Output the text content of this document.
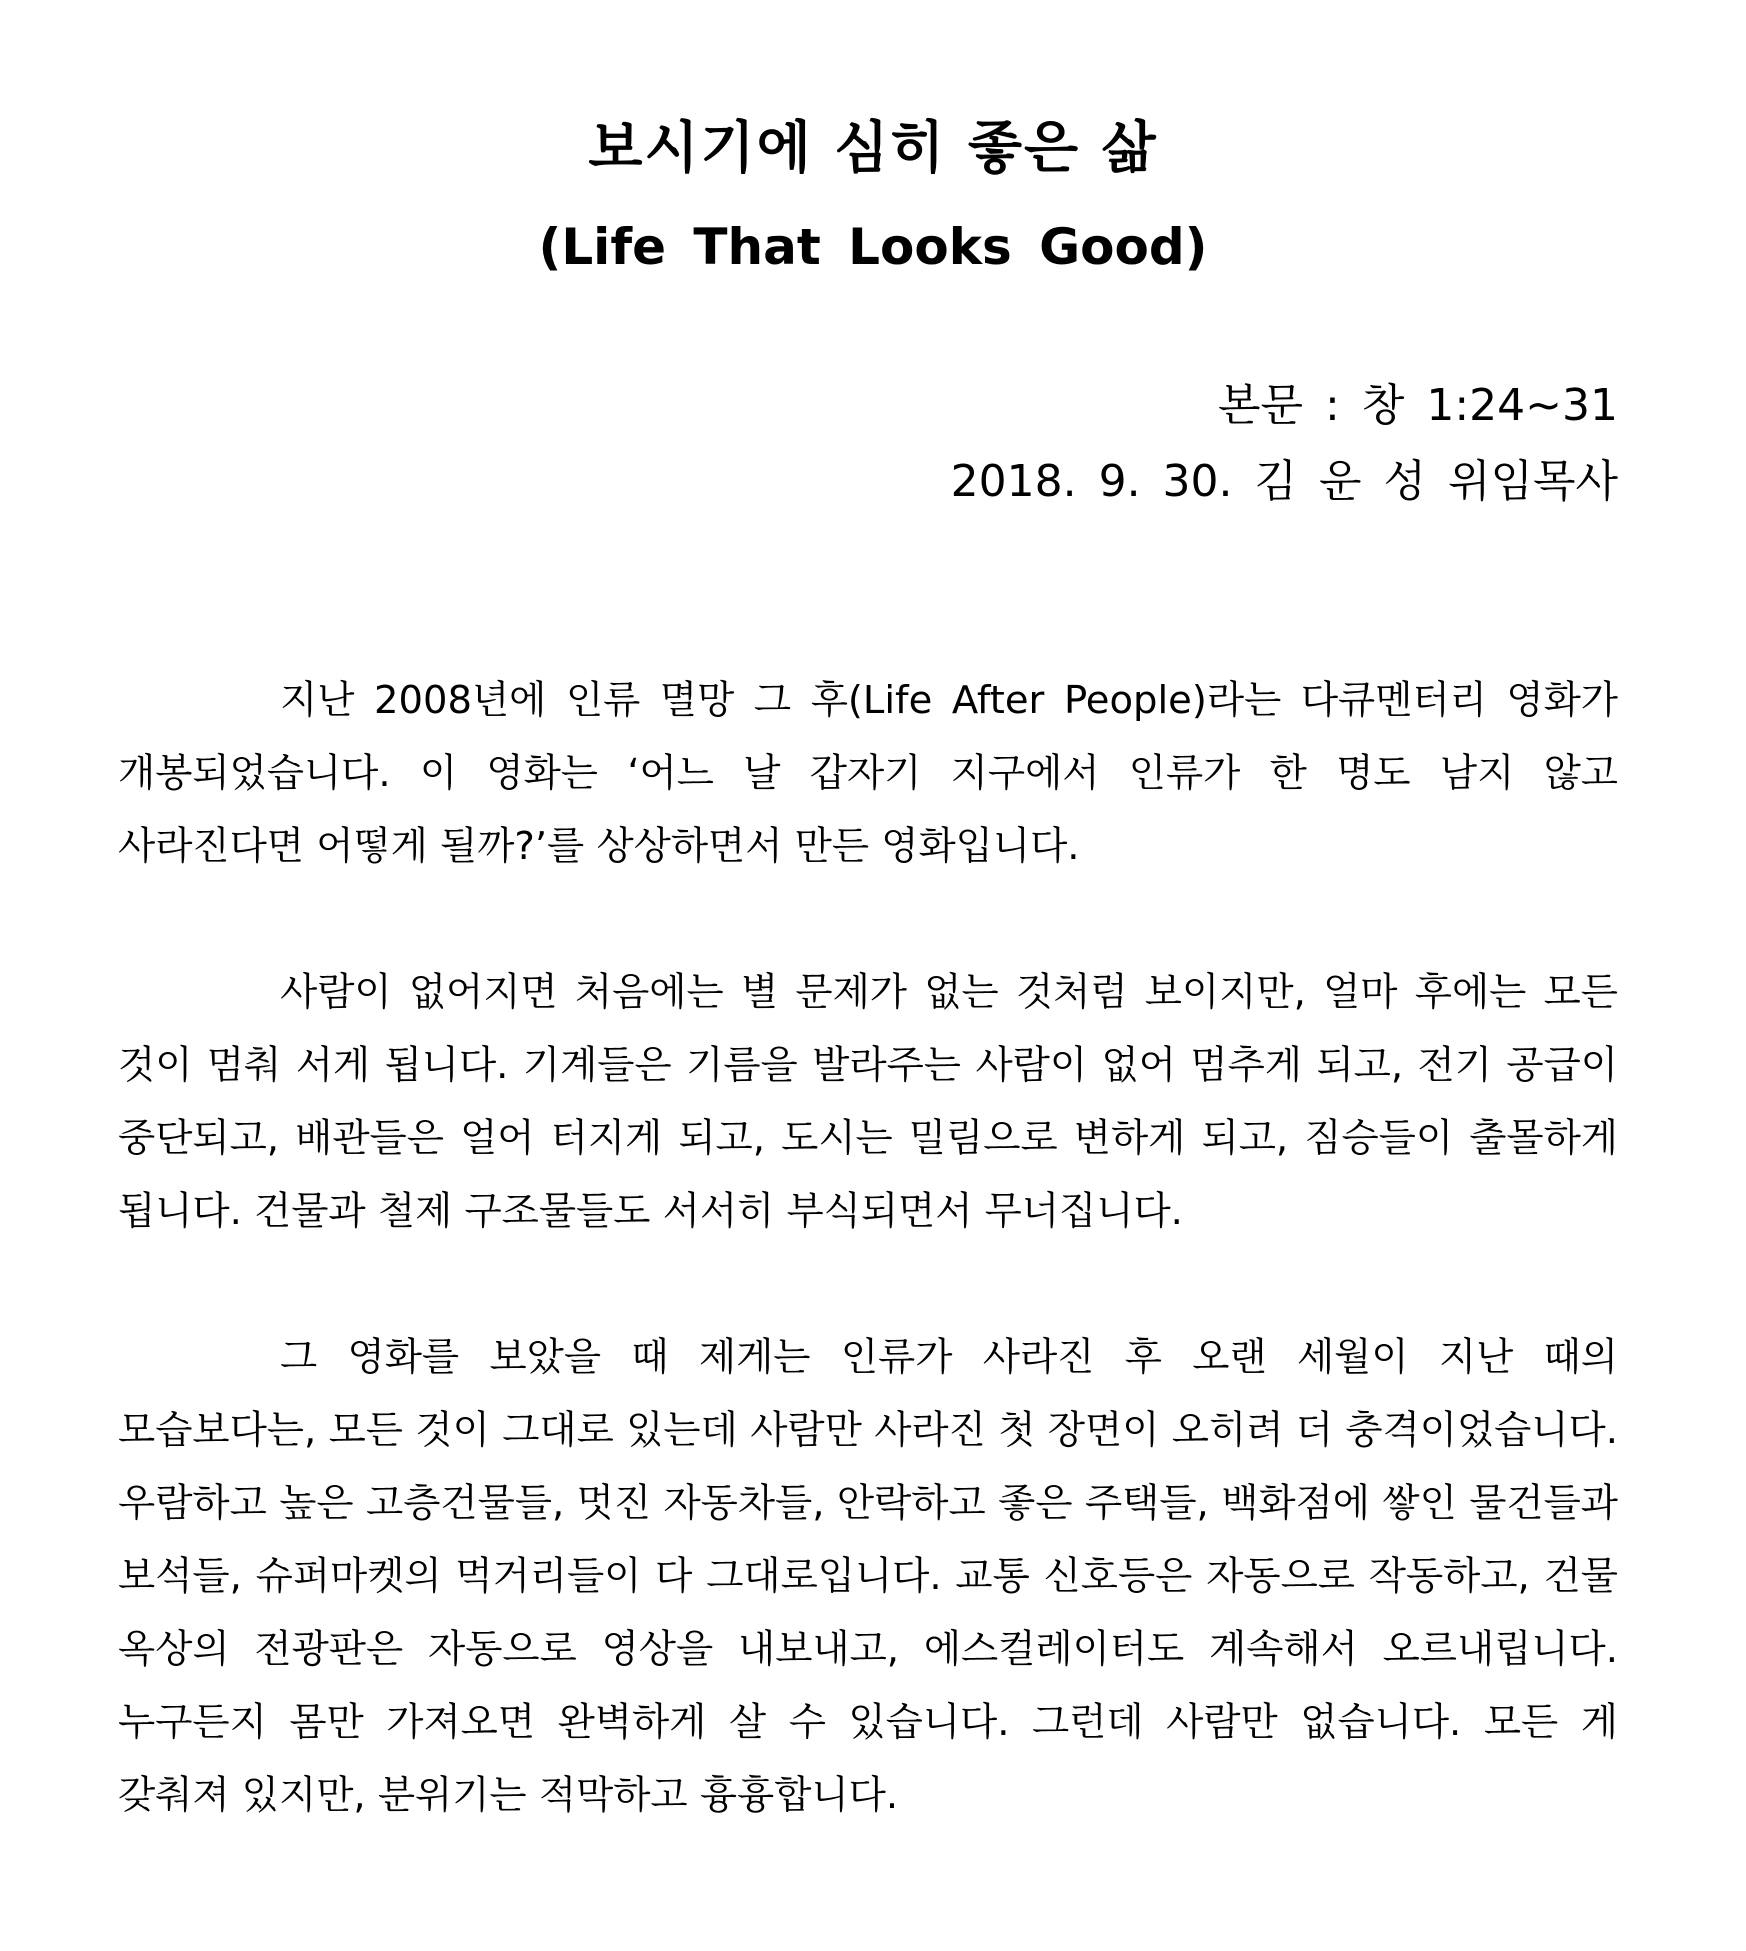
보시기에 심히 좋은 삶
(Life That Looks Good)
본문 : 창 1:24~31
2018. 9. 30. 김 운 성 위임목사

지난 2008년에 인류 멸망 그 후(Life After People)라는 다큐멘터리 영화가 개봉되었습니다. 이 영화는 ‘어느 날 갑자기 지구에서 인류가 한 명도 남지 않고 사라진다면 어떻게 될까?’를 상상하면서 만든 영화입니다.

사람이 없어지면 처음에는 별 문제가 없는 것처럼 보이지만, 얼마 후에는 모든 것이 멈춰 서게 됩니다. 기계들은 기름을 발라주는 사람이 없어 멈추게 되고, 전기 공급이 중단되고, 배관들은 얼어 터지게 되고, 도시는 밀림으로 변하게 되고, 짐승들이 출몰하게 됩니다. 건물과 철제 구조물들도 서서히 부식되면서 무너집니다.

그 영화를 보았을 때 제게는 인류가 사라진 후 오랜 세월이 지난 때의 모습보다는, 모든 것이 그대로 있는데 사람만 사라진 첫 장면이 오히려 더 충격이었습니다. 우람하고 높은 고층건물들, 멋진 자동차들, 안락하고 좋은 주택들, 백화점에 쌓인 물건들과 보석들, 슈퍼마켓의 먹거리들이 다 그대로입니다. 교통 신호등은 자동으로 작동하고, 건물 옥상의 전광판은 자동으로 영상을 내보내고, 에스컬레이터도 계속해서 오르내립니다. 누구든지 몸만 가져오면 완벽하게 살 수 있습니다. 그런데 사람만 없습니다. 모든 게 갖춰져 있지만, 분위기는 적막하고 흉흉합니다.
